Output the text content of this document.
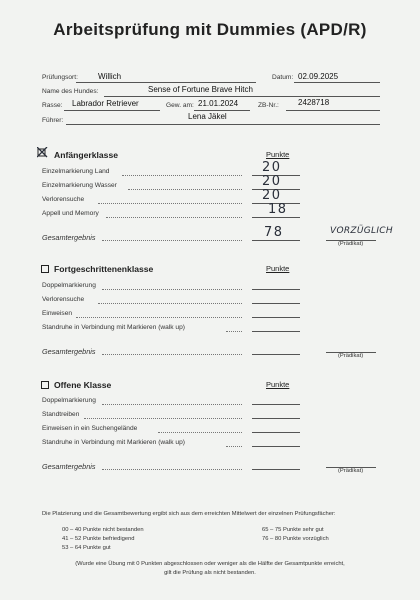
Arbeitsprüfung mit Dummies (APD/R)
Prüfungsort:	Willich	Datum: 02.09.2025
Name des Hundes:	Sense of Fortune Brave Hitch
Rasse: Labrador Retriever	Gew. am: 21.01.2024	ZB-Nr.: 2428718
Führer:	Lena Jäkel
Anfängerklasse	Punkte
Einzelmarkierung Land	20
Einzelmarkierung Wasser	20
Verlorensuche	20
Appell und Memory	18
Gesamtergebnis	78	VORZÜGLICH
(Prädikat)
Fortgeschrittenenklasse	Punkte
Doppelmarkierung
Verlorensuche
Einweisen
Standruhe in Verbindung mit Markieren (walk up)
Gesamtergebnis	(Prädikat)
Offene Klasse	Punkte
Doppelmarkierung
Standtreiben
Einweisen in ein Suchengelände
Standruhe in Verbindung mit Markieren (walk up)
Gesamtergebnis	(Prädikat)
Die Platzierung und die Gesamtbewertung ergibt sich aus dem erreichten Mittelwert der einzelnen Prüfungsfächer:
00 – 40 Punkte nicht bestanden
41 – 52 Punkte befriedigend
53 – 64 Punkte gut
65 – 75 Punkte sehr gut
76 – 80 Punkte vorzüglich
(Wurde eine Übung mit 0 Punkten abgeschlossen oder weniger als die Hälfte der Gesamtpunkte erreicht,
gilt die Prüfung als nicht bestanden.
